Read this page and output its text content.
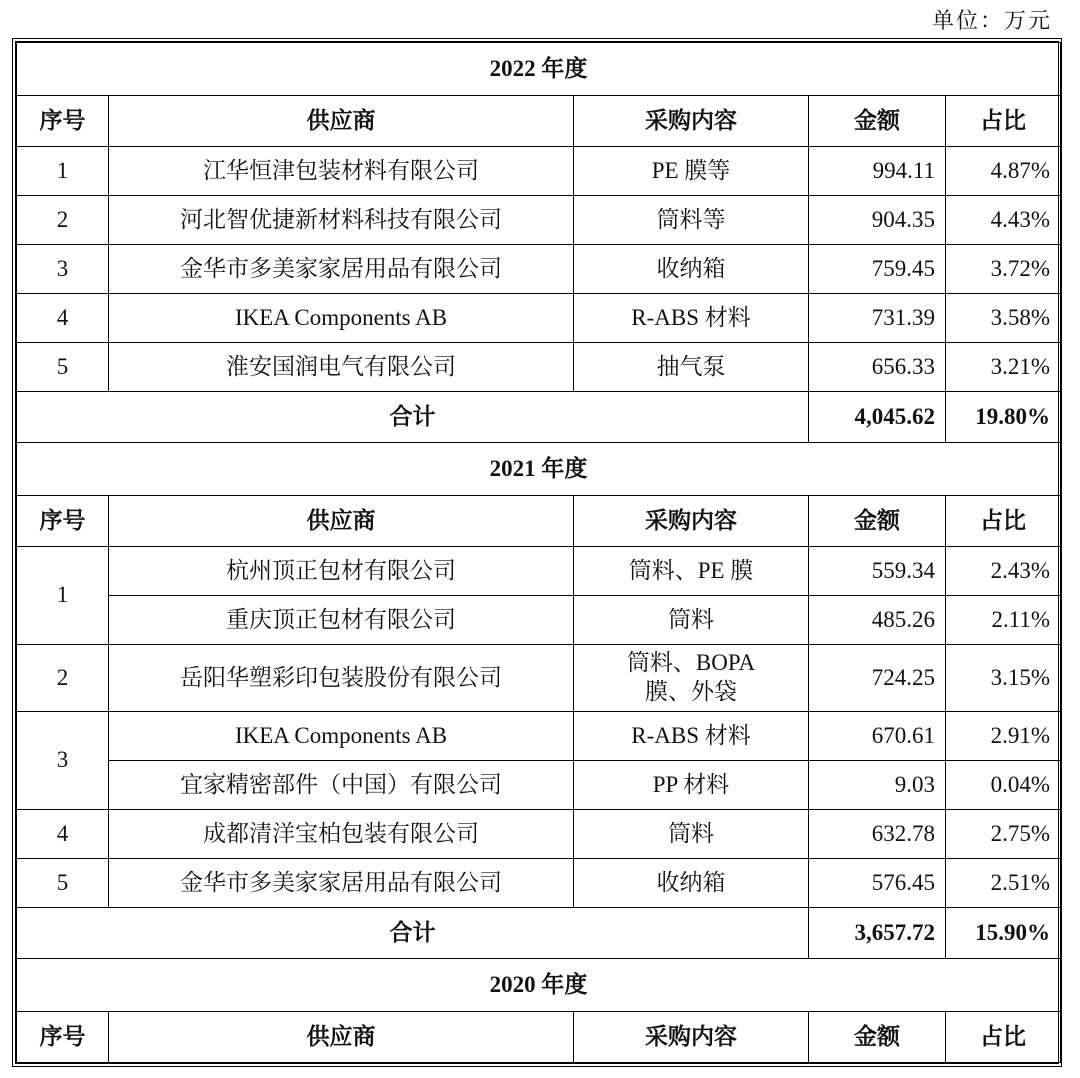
单位：万元
2022 年度				
序号	供应商	采购内容	金额	占比
1	江华恒津包装材料有限公司	PE 膜等	994.11	4.87%
2	河北智优捷新材料科技有限公司	筒料等	904.35	4.43%
3	金华市多美家家居用品有限公司	收纳箱	759.45	3.72%
4	IKEA Components AB	R-ABS 材料	731.39	3.58%
5	淮安国润电气有限公司	抽气泵	656.33	3.21%
合计			4,045.62	19.80%
2021 年度				
序号	供应商	采购内容	金额	占比
1	杭州顶正包材有限公司	筒料、PE 膜	559.34	2.43%
	重庆顶正包材有限公司	筒料	485.26	2.11%
2	岳阳华塑彩印包装股份有限公司	筒料、BOPA 膜、外袋	724.25	3.15%
3	IKEA Components AB	R-ABS 材料	670.61	2.91%
	宜家精密部件（中国）有限公司	PP 材料	9.03	0.04%
4	成都清洋宝柏包装有限公司	筒料	632.78	2.75%
5	金华市多美家家居用品有限公司	收纳箱	576.45	2.51%
合计			3,657.72	15.90%
2020 年度				
序号	供应商	采购内容	金额	占比
